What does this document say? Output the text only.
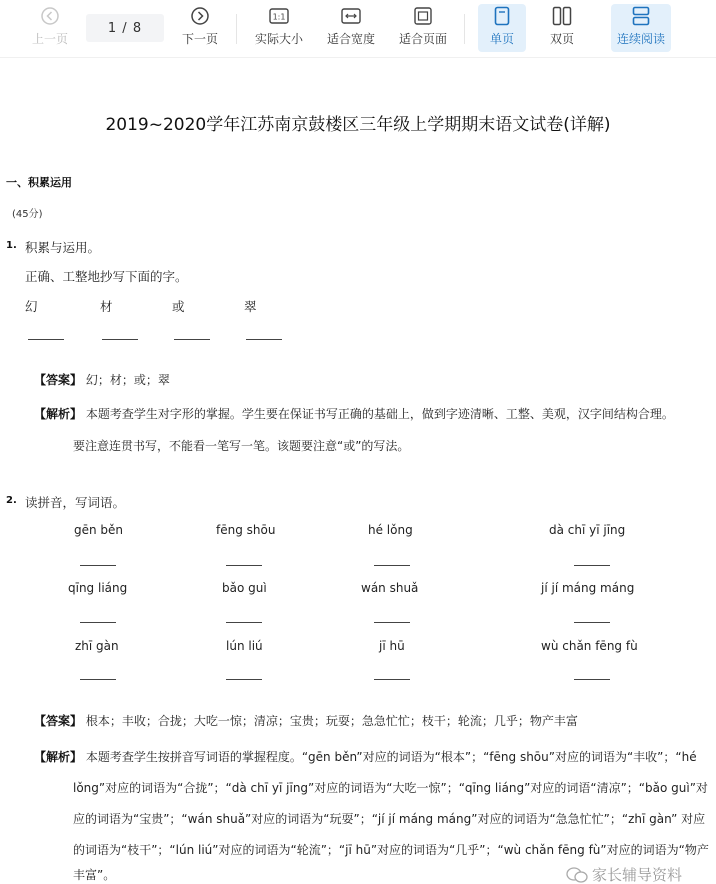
上一页
1 / 8
下一页
1:1
实际大小 适合宽度 适合页面	单页	双页	连续阅读
2019~2020学年江苏南京鼓楼区三年级上学期期末语文试卷(详解)
一、积累运用
(45分)
1. 积累与运用。
正确、工整地抄写下面的字。
幻	材	或	翠
【答案】 幻；材；或；翠
【解析】 本题考查学生对字形的掌握。学生要在保证书写正确的基础上，做到字迹清晰、工整、美观，汉字间结构合理。
要注意连贯书写，不能看一笔写一笔。该题要注意“或”的写法。
2. 读拼音，写词语。
gēn běn	fēng shōu	hé lǒng	dà chī yī jīng
qīng liáng	bǎo guì	wán shuǎ	jí jí máng máng
zhī gàn	lún liú	jī hū	wù chǎn fēng fù
【答案】 根本；丰收；合拢；大吃一惊；清凉；宝贵；玩耍；急急忙忙；枝干；轮流；几乎；物产丰富
【解析】 本题考查学生按拼音写词语的掌握程度。“gēn běn”对应的词语为“根本”；“fēng shōu”对应的词语为“丰收”；“hé
lǒng”对应的词语为“合拢”；“dà chī yī jīng”对应的词语为“大吃一惊”；“qīng liáng”对应的词语“清凉”；“bǎo guì”对
应的词语为“宝贵”；“wán shuǎ”对应的词语为“玩耍”；“jí jí máng máng”对应的词语为“急急忙忙”；“zhī gàn” 对应
的词语为“枝干”；“lún liú”对应的词语为“轮流”；“jī hū”对应的词语为“几乎”；“wù chǎn fēng fù”对应的词语为“物产
丰富”。	家长辅导资料
